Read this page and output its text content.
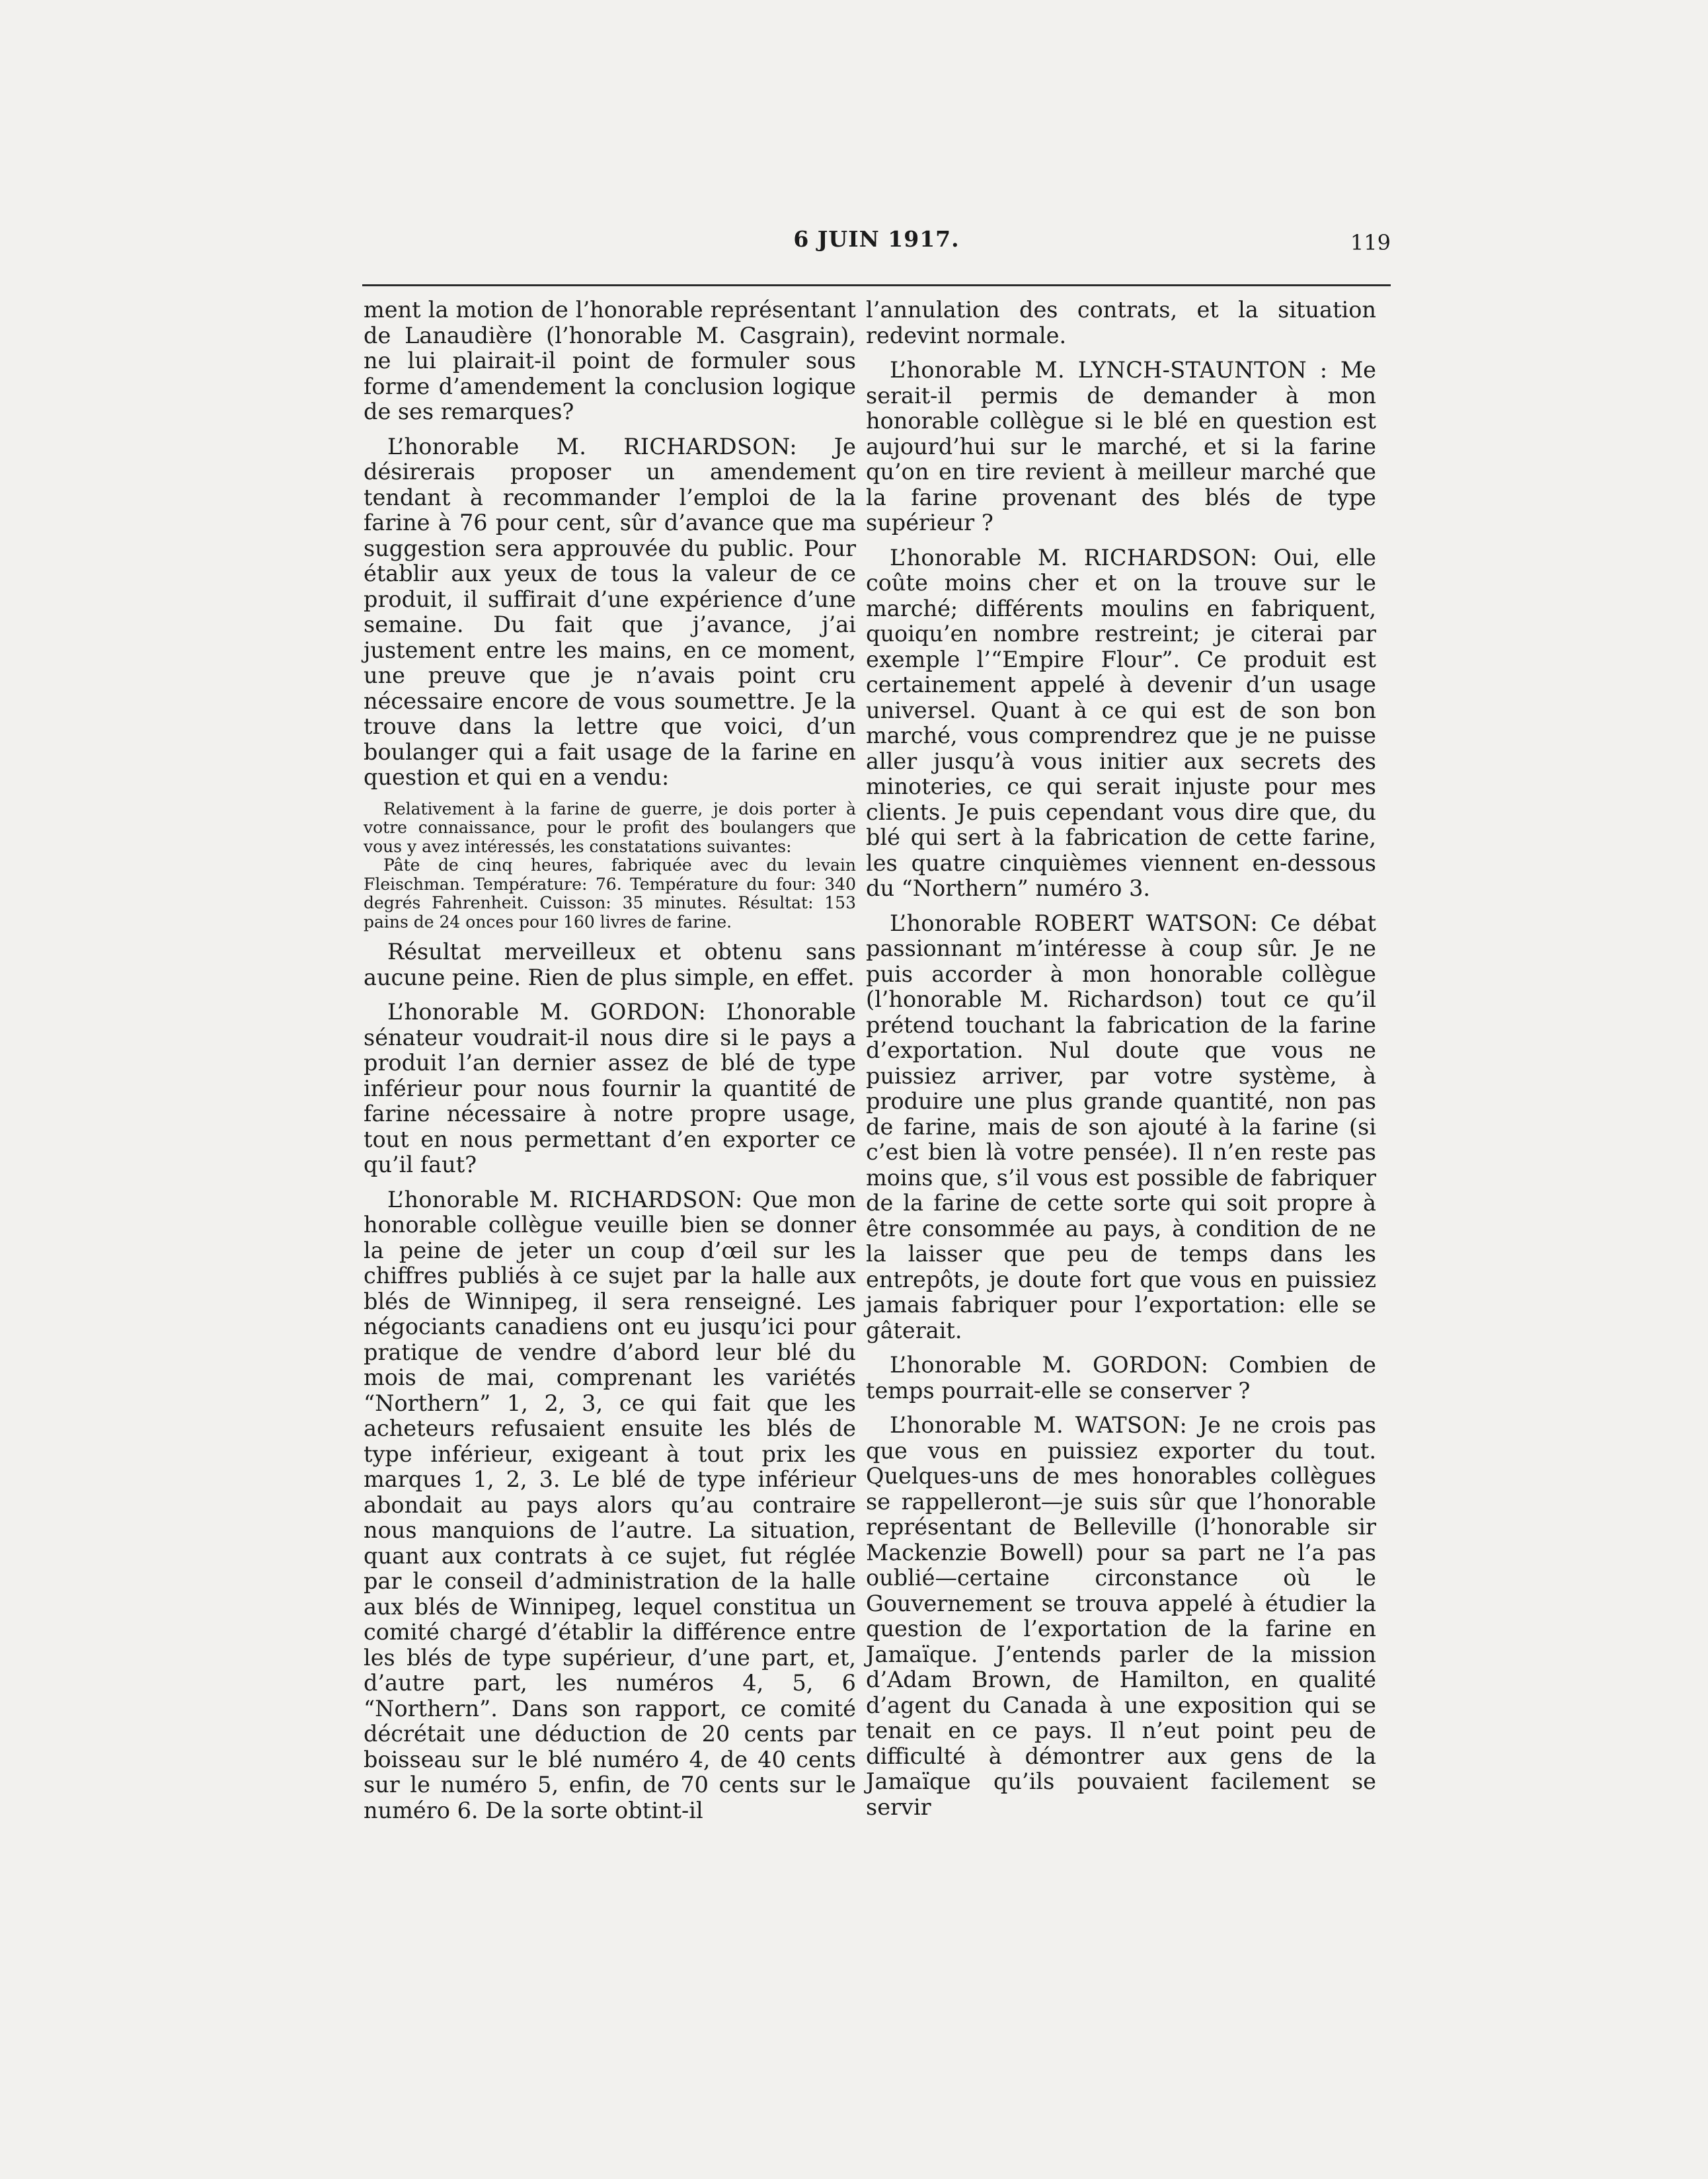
6 JUIN 1917.	119

ment la motion de l’honorable représentant de Lanaudière (l’honorable M. Casgrain), ne lui plairait-il point de formuler sous forme d’amendement la conclusion logique de ses remarques?

L’honorable M. RICHARDSON: Je désirerais proposer un amendement tendant à recommander l’emploi de la farine à 76 pour cent, sûr d’avance que ma suggestion sera approuvée du public. Pour établir aux yeux de tous la valeur de ce produit, il suffirait d’une expérience d’une semaine. Du fait que j’avance, j’ai justement entre les mains, en ce moment, une preuve que je n’avais point cru nécessaire encore de vous soumettre. Je la trouve dans la lettre que voici, d’un boulanger qui a fait usage de la farine en question et qui en a vendu:

Relativement à la farine de guerre, je dois porter à votre connaissance, pour le profit des boulangers que vous y avez intéressés, les constatations suivantes:

Pâte de cinq heures, fabriquée avec du levain Fleischman. Température: 76. Température du four: 340 degrés Fahrenheit. Cuisson: 35 minutes. Résultat: 153 pains de 24 onces pour 160 livres de farine.

Résultat merveilleux et obtenu sans aucune peine. Rien de plus simple, en effet.

L’honorable M. GORDON: L’honorable sénateur voudrait-il nous dire si le pays a produit l’an dernier assez de blé de type inférieur pour nous fournir la quantité de farine nécessaire à notre propre usage, tout en nous permettant d’en exporter ce qu’il faut?

L’honorable M. RICHARDSON: Que mon honorable collègue veuille bien se donner la peine de jeter un coup d’œil sur les chiffres publiés à ce sujet par la halle aux blés de Winnipeg, il sera renseigné. Les négociants canadiens ont eu jusqu’ici pour pratique de vendre d’abord leur blé du mois de mai, comprenant les variétés “Northern” 1, 2, 3, ce qui fait que les acheteurs refusaient ensuite les blés de type inférieur, exigeant à tout prix les marques 1, 2, 3. Le blé de type inférieur abondait au pays alors qu’au contraire nous manquions de l’autre. La situation, quant aux contrats à ce sujet, fut réglée par le conseil d’administration de la halle aux blés de Winnipeg, lequel constitua un comité chargé d’établir la différence entre les blés de type supérieur, d’une part, et, d’autre part, les numéros 4, 5, 6 “Northern”. Dans son rapport, ce comité décrétait une déduction de 20 cents par boisseau sur le blé numéro 4, de 40 cents sur le numéro 5, enfin, de 70 cents sur le numéro 6. De la sorte obtint-il

l’annulation des contrats, et la situation redevint normale.

L’honorable M. LYNCH-STAUNTON : Me serait-il permis de demander à mon honorable collègue si le blé en question est aujourd’hui sur le marché, et si la farine qu’on en tire revient à meilleur marché que la farine provenant des blés de type supérieur ?

L’honorable M. RICHARDSON: Oui, elle coûte moins cher et on la trouve sur le marché; différents moulins en fabriquent, quoiqu’en nombre restreint; je citerai par exemple l’“Empire Flour”. Ce produit est certainement appelé à devenir d’un usage universel. Quant à ce qui est de son bon marché, vous comprendrez que je ne puisse aller jusqu’à vous initier aux secrets des minoteries, ce qui serait injuste pour mes clients. Je puis cependant vous dire que, du blé qui sert à la fabrication de cette farine, les quatre cinquièmes viennent en-dessous du “Northern” numéro 3.

L’honorable ROBERT WATSON: Ce débat passionnant m’intéresse à coup sûr. Je ne puis accorder à mon honorable collègue (l’honorable M. Richardson) tout ce qu’il prétend touchant la fabrication de la farine d’exportation. Nul doute que vous ne puissiez arriver, par votre système, à produire une plus grande quantité, non pas de farine, mais de son ajouté à la farine (si c’est bien là votre pensée). Il n’en reste pas moins que, s’il vous est possible de fabriquer de la farine de cette sorte qui soit propre à être consommée au pays, à condition de ne la laisser que peu de temps dans les entrepôts, je doute fort que vous en puissiez jamais fabriquer pour l’exportation: elle se gâterait.

L’honorable M. GORDON: Combien de temps pourrait-elle se conserver ?

L’honorable M. WATSON: Je ne crois pas que vous en puissiez exporter du tout. Quelques-uns de mes honorables collègues se rappelleront—je suis sûr que l’honorable représentant de Belleville (l’honorable sir Mackenzie Bowell) pour sa part ne l’a pas oublié—certaine circonstance où le Gouvernement se trouva appelé à étudier la question de l’exportation de la farine en Jamaïque. J’entends parler de la mission d’Adam Brown, de Hamilton, en qualité d’agent du Canada à une exposition qui se tenait en ce pays. Il n’eut point peu de difficulté à démontrer aux gens de la Jamaïque qu’ils pouvaient facilement se servir
